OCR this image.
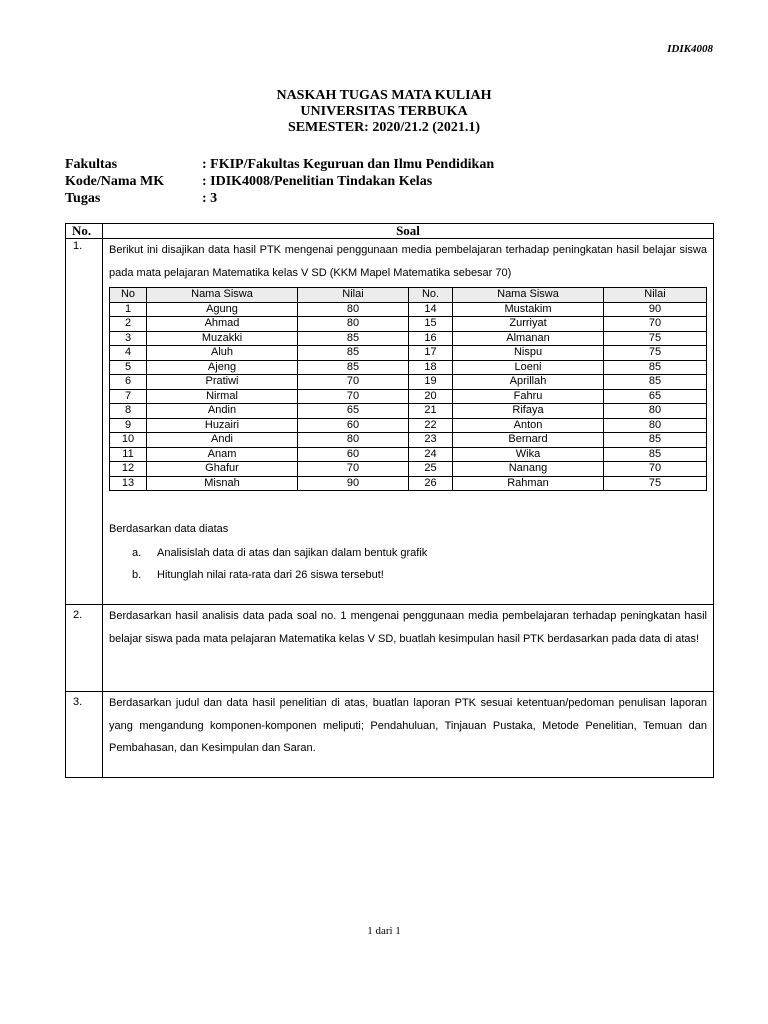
IDIK4008
NASKAH TUGAS MATA KULIAH
UNIVERSITAS TERBUKA
SEMESTER: 2020/21.2 (2021.1)
Fakultas	: FKIP/Fakultas Keguruan dan Ilmu Pendidikan
Kode/Nama MK	: IDIK4008/Penelitian Tindakan Kelas
Tugas	: 3
No.	Soal
1.	Berikut ini disajikan data hasil PTK mengenai penggunaan media pembelajaran terhadap peningkatan hasil belajar siswa pada mata pelajaran Matematika kelas V SD (KKM Mapel Matematika sebesar 70)

No	Nama Siswa	Nilai	No.	Nama Siswa	Nilai
1	Agung	80	14	Mustakim	90
2	Ahmad	80	15	Zurriyat	70
3	Muzakki	85	16	Almanan	75
4	Aluh	85	17	Nispu	75
5	Ajeng	85	18	Loeni	85
6	Pratiwi	70	19	Aprillah	85
7	Nirmal	70	20	Fahru	65
8	Andin	65	21	Rifaya	80
9	Huzairi	60	22	Anton	80
10	Andi	80	23	Bernard	85
11	Anam	60	24	Wika	85
12	Ghafur	70	25	Nanang	70
13	Misnah	90	26	Rahman	75

Berdasarkan data diatas

a.	Analisislah data di atas dan sajikan dalam bentuk grafik
b.	Hitunglah nilai rata-rata dari 26 siswa tersebut!

2.	Berdasarkan hasil analisis data pada soal no. 1 mengenai penggunaan media pembelajaran terhadap peningkatan hasil belajar siswa pada mata pelajaran Matematika kelas V SD, buatlah kesimpulan hasil PTK berdasarkan pada data di atas!

3.	Berdasarkan judul dan data hasil penelitian di atas, buatlan laporan PTK sesuai ketentuan/pedoman penulisan laporan yang mengandung komponen-komponen meliputi; Pendahuluan, Tinjauan Pustaka, Metode Penelitian, Temuan dan Pembahasan, dan Kesimpulan dan Saran.

1 dari 1
